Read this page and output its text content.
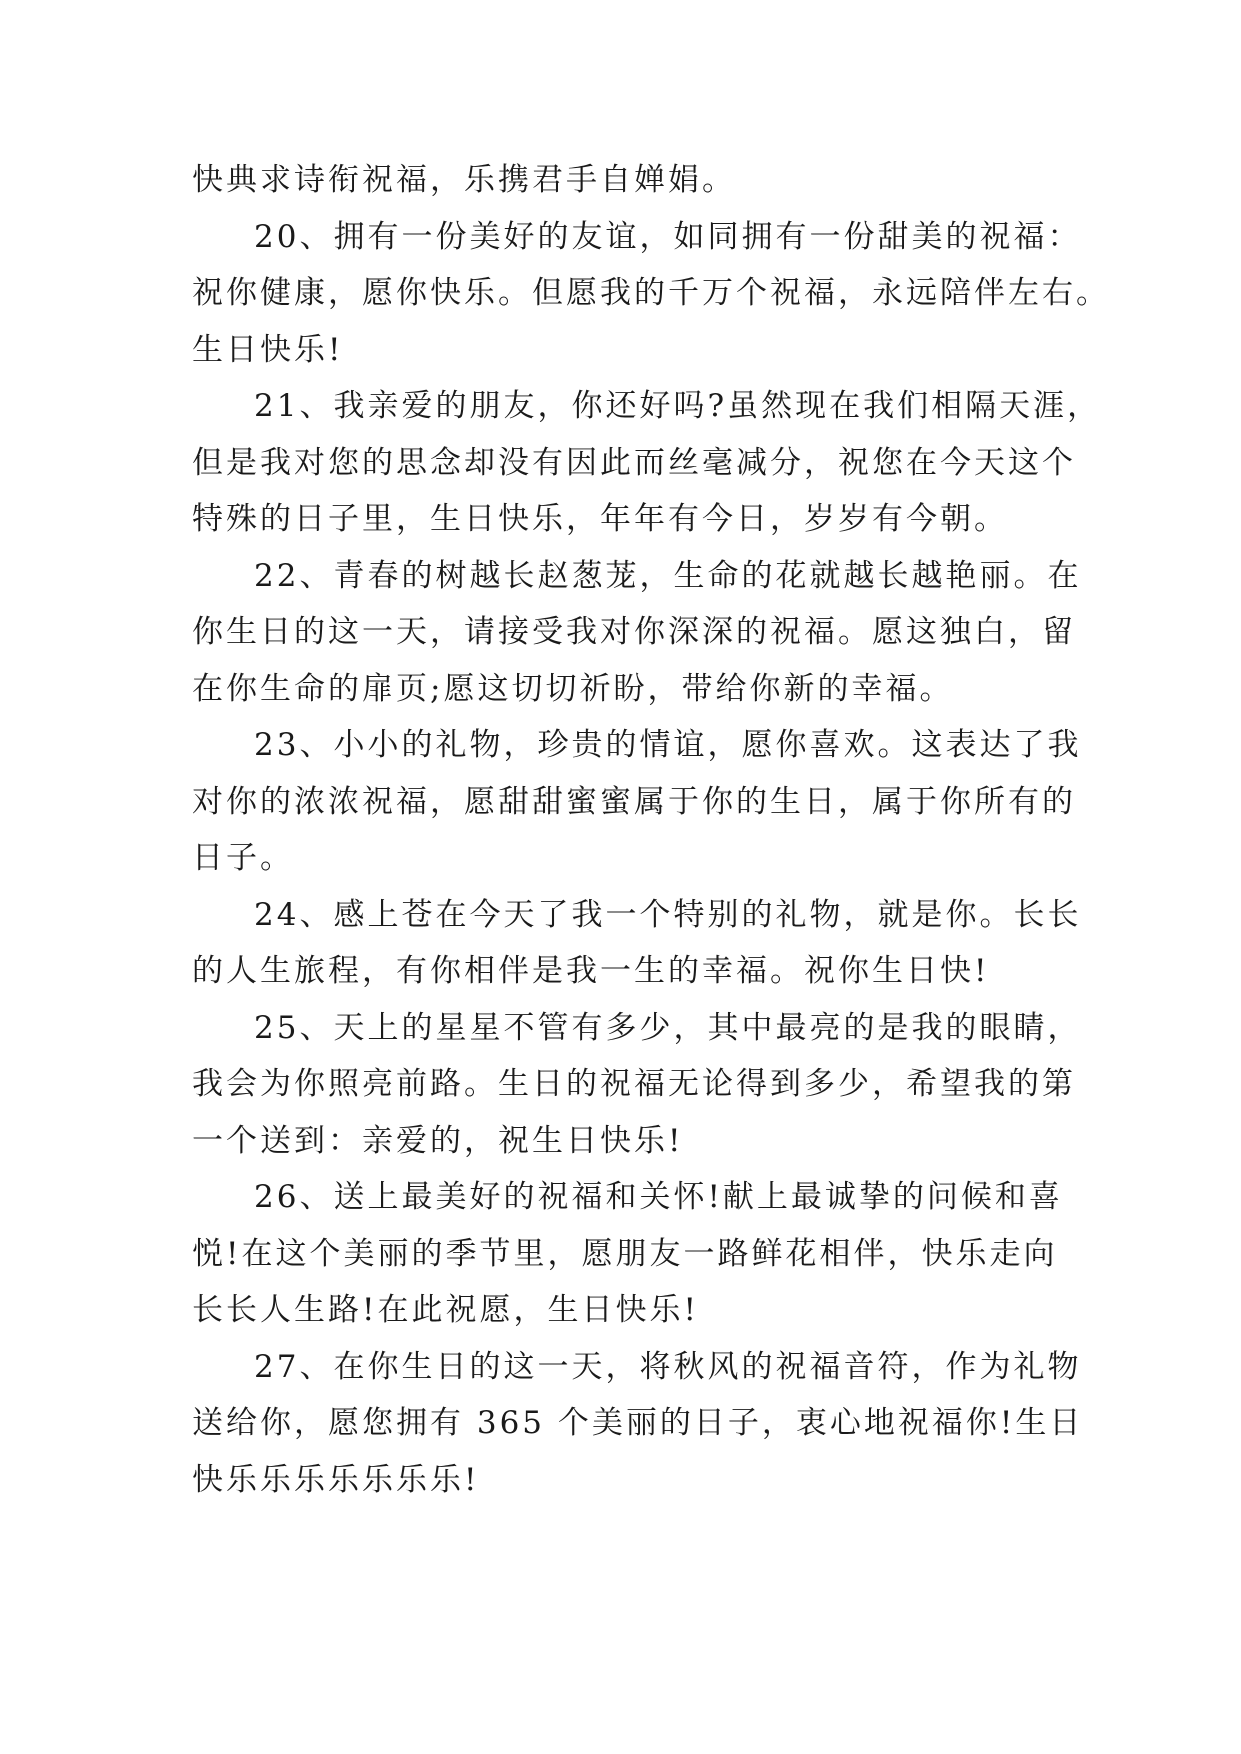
快典求诗衔祝福，乐携君手自婵娟。
20、拥有一份美好的友谊，如同拥有一份甜美的祝福：
祝你健康，愿你快乐。但愿我的千万个祝福，永远陪伴左右。
生日快乐!
21、我亲爱的朋友，你还好吗?虽然现在我们相隔天涯，
但是我对您的思念却没有因此而丝毫减分，祝您在今天这个
特殊的日子里，生日快乐，年年有今日，岁岁有今朝。
22、青春的树越长赵葱茏，生命的花就越长越艳丽。在
你生日的这一天，请接受我对你深深的祝福。愿这独白，留
在你生命的扉页;愿这切切祈盼，带给你新的幸福。
23、小小的礼物，珍贵的情谊，愿你喜欢。这表达了我
对你的浓浓祝福，愿甜甜蜜蜜属于你的生日，属于你所有的
日子。
24、感上苍在今天了我一个特别的礼物，就是你。长长
的人生旅程，有你相伴是我一生的幸福。祝你生日快!
25、天上的星星不管有多少，其中最亮的是我的眼睛，
我会为你照亮前路。生日的祝福无论得到多少，希望我的第
一个送到：亲爱的，祝生日快乐!
26、送上最美好的祝福和关怀!献上最诚挚的问候和喜
悦!在这个美丽的季节里，愿朋友一路鲜花相伴，快乐走向
长长人生路!在此祝愿，生日快乐!
27、在你生日的这一天，将秋风的祝福音符，作为礼物
送给你，愿您拥有 365 个美丽的日子，衷心地祝福你!生日
快乐乐乐乐乐乐乐!
